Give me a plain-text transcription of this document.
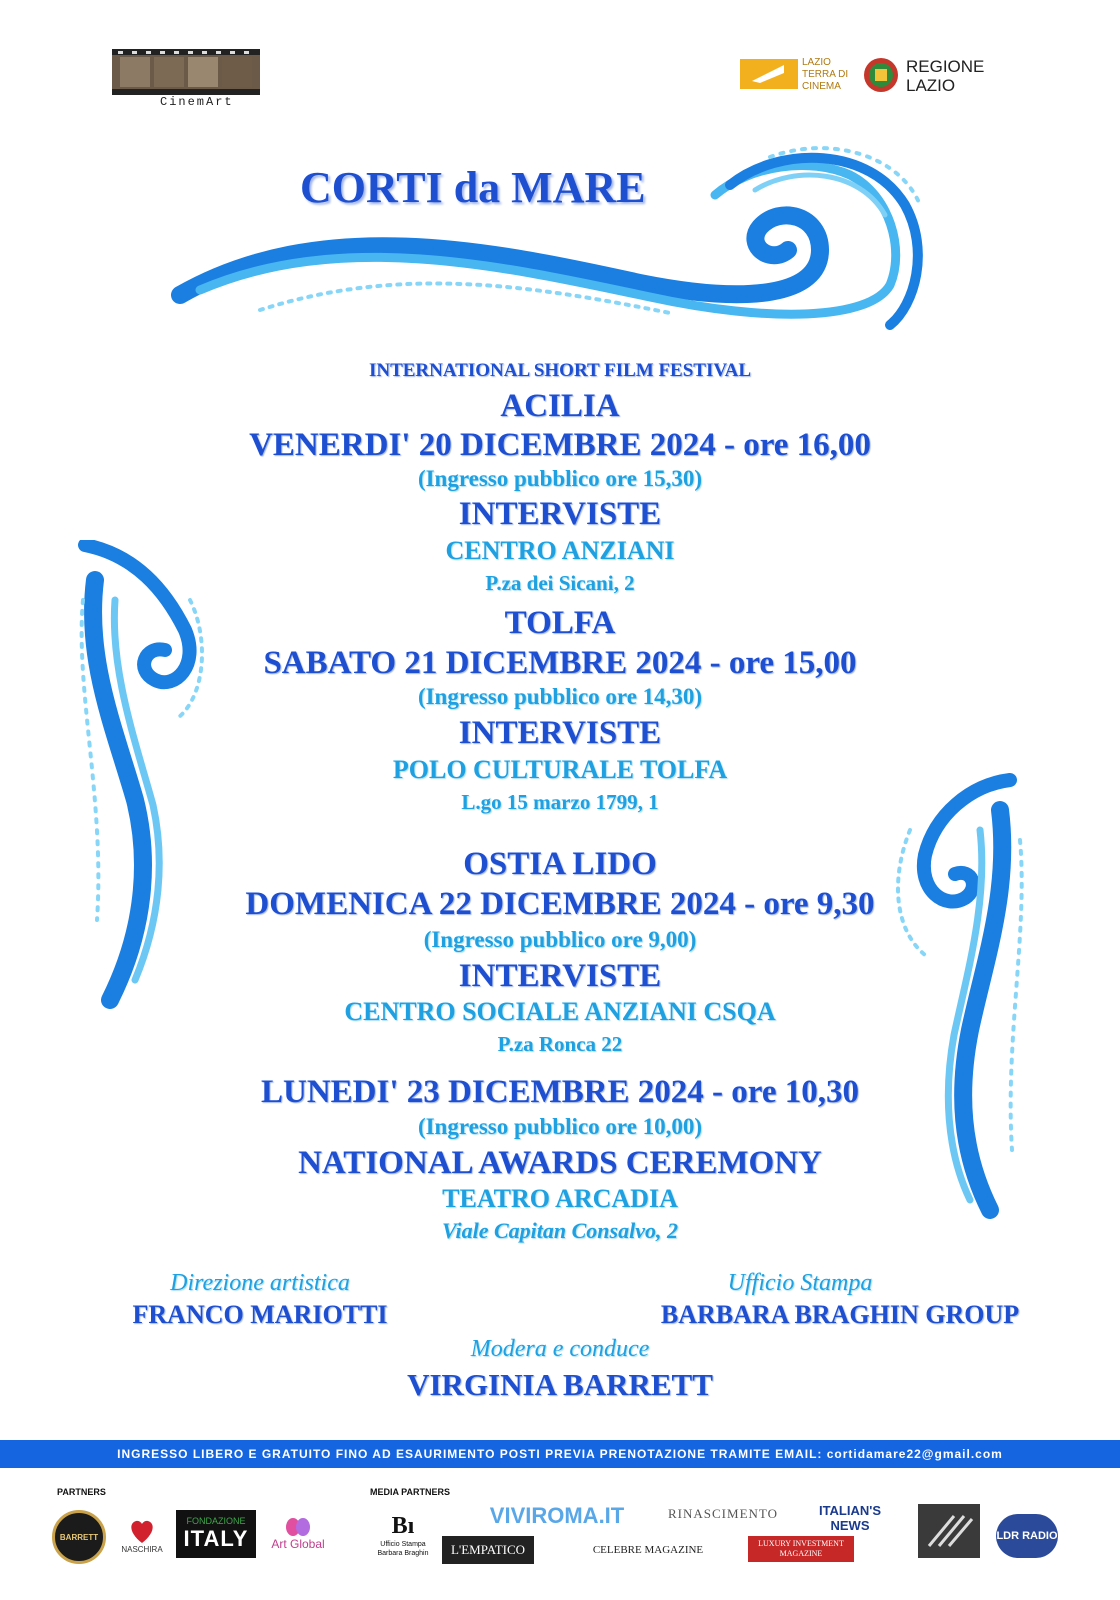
CinemArt
LAZIO TERRA DI CINEMA
REGIONE LAZIO
CORTI da MARE
INTERNATIONAL SHORT FILM FESTIVAL
ACILIA
VENERDI' 20 DICEMBRE 2024 - ore 16,00
(Ingresso pubblico ore 15,30)
INTERVISTE
CENTRO ANZIANI
P.za dei Sicani, 2
TOLFA
SABATO 21 DICEMBRE 2024 - ore 15,00
(Ingresso pubblico ore 14,30)
INTERVISTE
POLO CULTURALE TOLFA
L.go 15 marzo 1799, 1
OSTIA LIDO
DOMENICA 22 DICEMBRE 2024 - ore 9,30
(Ingresso pubblico ore 9,00)
INTERVISTE
CENTRO SOCIALE ANZIANI CSQA
P.za Ronca 22
LUNEDI' 23 DICEMBRE 2024 - ore 10,30
(Ingresso pubblico ore 10,00)
NATIONAL AWARDS CEREMONY
TEATRO ARCADIA
Viale Capitan Consalvo, 2
Direzione artistica
FRANCO MARIOTTI
Ufficio Stampa
BARBARA BRAGHIN GROUP
Modera e conduce
VIRGINIA BARRETT
INGRESSO LIBERO E GRATUITO FINO AD ESAURIMENTO POSTI PREVIA PRENOTAZIONE TRAMITE EMAIL: cortidamare22@gmail.com
PARTNERS	MEDIA PARTNERS
BARRETT
NASCHIRA
FONDAZIONE
ITALY Art Global
Bı
Ufficio Stampa Barbara Braghin	L'EMPATICO
VIVIROMA.IT
CELEBRE MAGAZINE
RINASCIMENTO
LUXURY INVESTMENT MAGAZINE
ITALIAN'S NEWS
LDR RADIO
